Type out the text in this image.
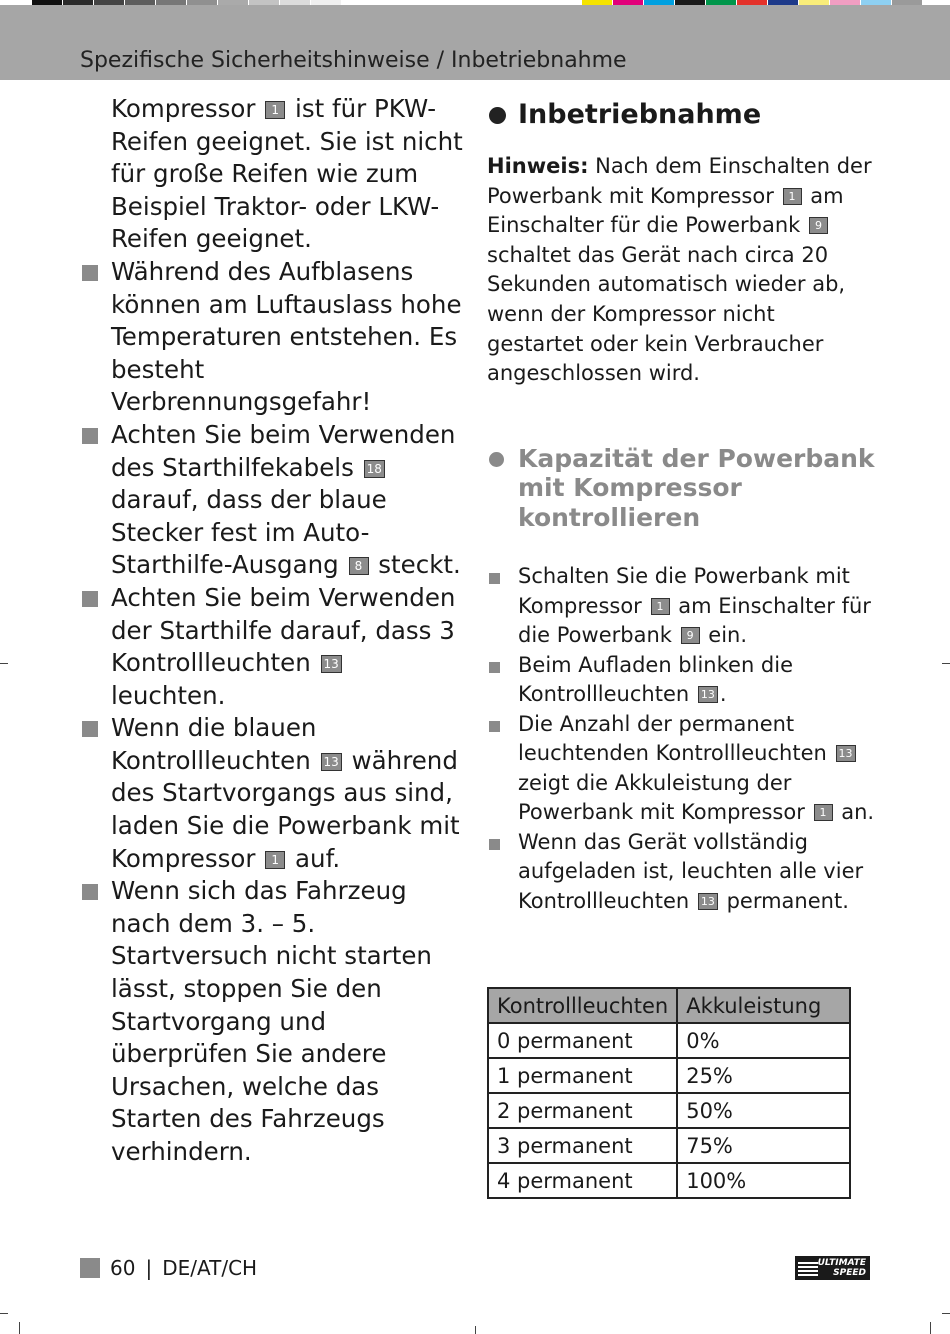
Spezifische Sicherheitshinweise / Inbetriebnahme
Kompressor 1 ist für PKW-Reifen geeignet. Sie ist nicht für große Reifen wie zum Beispiel Traktor- oder LKW-Reifen geeignet.
Während des Aufblasens können am Luftauslass hohe Temperaturen entstehen. Es besteht Verbrennungsgefahr!
Achten Sie beim Verwenden des Starthilfekabels 18 darauf, dass der blaue Stecker fest im Auto-Starthilfe-Ausgang 8 steckt.
Achten Sie beim Verwenden der Starthilfe darauf, dass 3 Kontrollleuchten 13 leuchten.
Wenn die blauen Kontrollleuchten 13 während des Startvorgangs aus sind, laden Sie die Powerbank mit Kompressor 1 auf.
Wenn sich das Fahrzeug nach dem 3. – 5. Startversuch nicht starten lässt, stoppen Sie den Startvorgang und überprüfen Sie andere Ursachen, welche das Starten des Fahrzeugs verhindern.
Inbetriebnahme
Hinweis: Nach dem Einschalten der Powerbank mit Kompressor 1 am Einschalter für die Powerbank 9 schaltet das Gerät nach circa 20 Sekunden automatisch wieder ab, wenn der Kompressor nicht gestartet oder kein Verbraucher angeschlossen wird.
Kapazität der Powerbank mit Kompressor kontrollieren
Schalten Sie die Powerbank mit Kompressor 1 am Einschalter für die Powerbank 9 ein.
Beim Aufladen blinken die Kontrollleuchten 13 .
Die Anzahl der permanent leuchtenden Kontrollleuchten 13 zeigt die Akkuleistung der Powerbank mit Kompressor 1 an.
Wenn das Gerät vollständig aufgeladen ist, leuchten alle vier Kontrollleuchten 13 permanent.
Kontrollleuchten	Akkuleistung
0 permanent	0%
1 permanent	25%
2 permanent	50%
3 permanent	75%
4 permanent	100%
60 | DE/AT/CH	ULTIMATE SPEED
